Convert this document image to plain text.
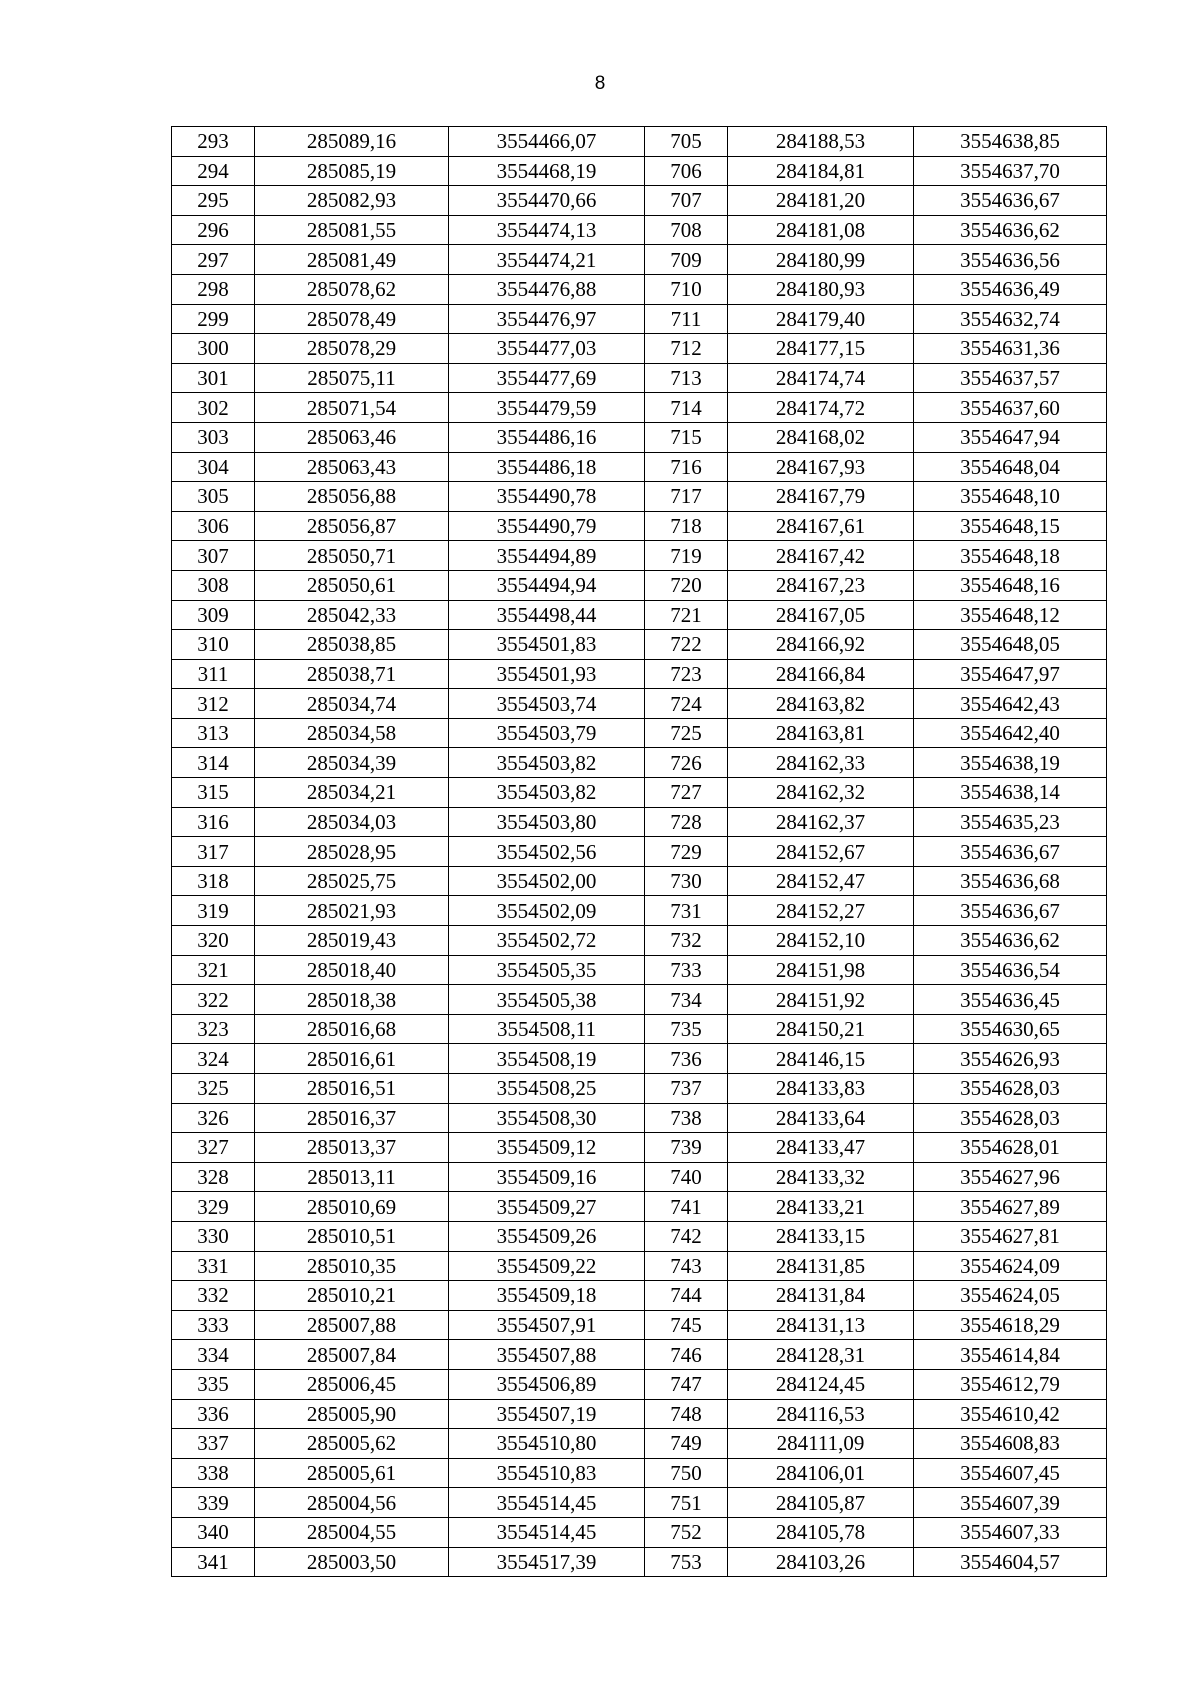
8
293	285089,16	3554466,07	705	284188,53	3554638,85
294	285085,19	3554468,19	706	284184,81	3554637,70
295	285082,93	3554470,66	707	284181,20	3554636,67
296	285081,55	3554474,13	708	284181,08	3554636,62
297	285081,49	3554474,21	709	284180,99	3554636,56
298	285078,62	3554476,88	710	284180,93	3554636,49
299	285078,49	3554476,97	711	284179,40	3554632,74
300	285078,29	3554477,03	712	284177,15	3554631,36
301	285075,11	3554477,69	713	284174,74	3554637,57
302	285071,54	3554479,59	714	284174,72	3554637,60
303	285063,46	3554486,16	715	284168,02	3554647,94
304	285063,43	3554486,18	716	284167,93	3554648,04
305	285056,88	3554490,78	717	284167,79	3554648,10
306	285056,87	3554490,79	718	284167,61	3554648,15
307	285050,71	3554494,89	719	284167,42	3554648,18
308	285050,61	3554494,94	720	284167,23	3554648,16
309	285042,33	3554498,44	721	284167,05	3554648,12
310	285038,85	3554501,83	722	284166,92	3554648,05
311	285038,71	3554501,93	723	284166,84	3554647,97
312	285034,74	3554503,74	724	284163,82	3554642,43
313	285034,58	3554503,79	725	284163,81	3554642,40
314	285034,39	3554503,82	726	284162,33	3554638,19
315	285034,21	3554503,82	727	284162,32	3554638,14
316	285034,03	3554503,80	728	284162,37	3554635,23
317	285028,95	3554502,56	729	284152,67	3554636,67
318	285025,75	3554502,00	730	284152,47	3554636,68
319	285021,93	3554502,09	731	284152,27	3554636,67
320	285019,43	3554502,72	732	284152,10	3554636,62
321	285018,40	3554505,35	733	284151,98	3554636,54
322	285018,38	3554505,38	734	284151,92	3554636,45
323	285016,68	3554508,11	735	284150,21	3554630,65
324	285016,61	3554508,19	736	284146,15	3554626,93
325	285016,51	3554508,25	737	284133,83	3554628,03
326	285016,37	3554508,30	738	284133,64	3554628,03
327	285013,37	3554509,12	739	284133,47	3554628,01
328	285013,11	3554509,16	740	284133,32	3554627,96
329	285010,69	3554509,27	741	284133,21	3554627,89
330	285010,51	3554509,26	742	284133,15	3554627,81
331	285010,35	3554509,22	743	284131,85	3554624,09
332	285010,21	3554509,18	744	284131,84	3554624,05
333	285007,88	3554507,91	745	284131,13	3554618,29
334	285007,84	3554507,88	746	284128,31	3554614,84
335	285006,45	3554506,89	747	284124,45	3554612,79
336	285005,90	3554507,19	748	284116,53	3554610,42
337	285005,62	3554510,80	749	284111,09	3554608,83
338	285005,61	3554510,83	750	284106,01	3554607,45
339	285004,56	3554514,45	751	284105,87	3554607,39
340	285004,55	3554514,45	752	284105,78	3554607,33
341	285003,50	3554517,39	753	284103,26	3554604,57
